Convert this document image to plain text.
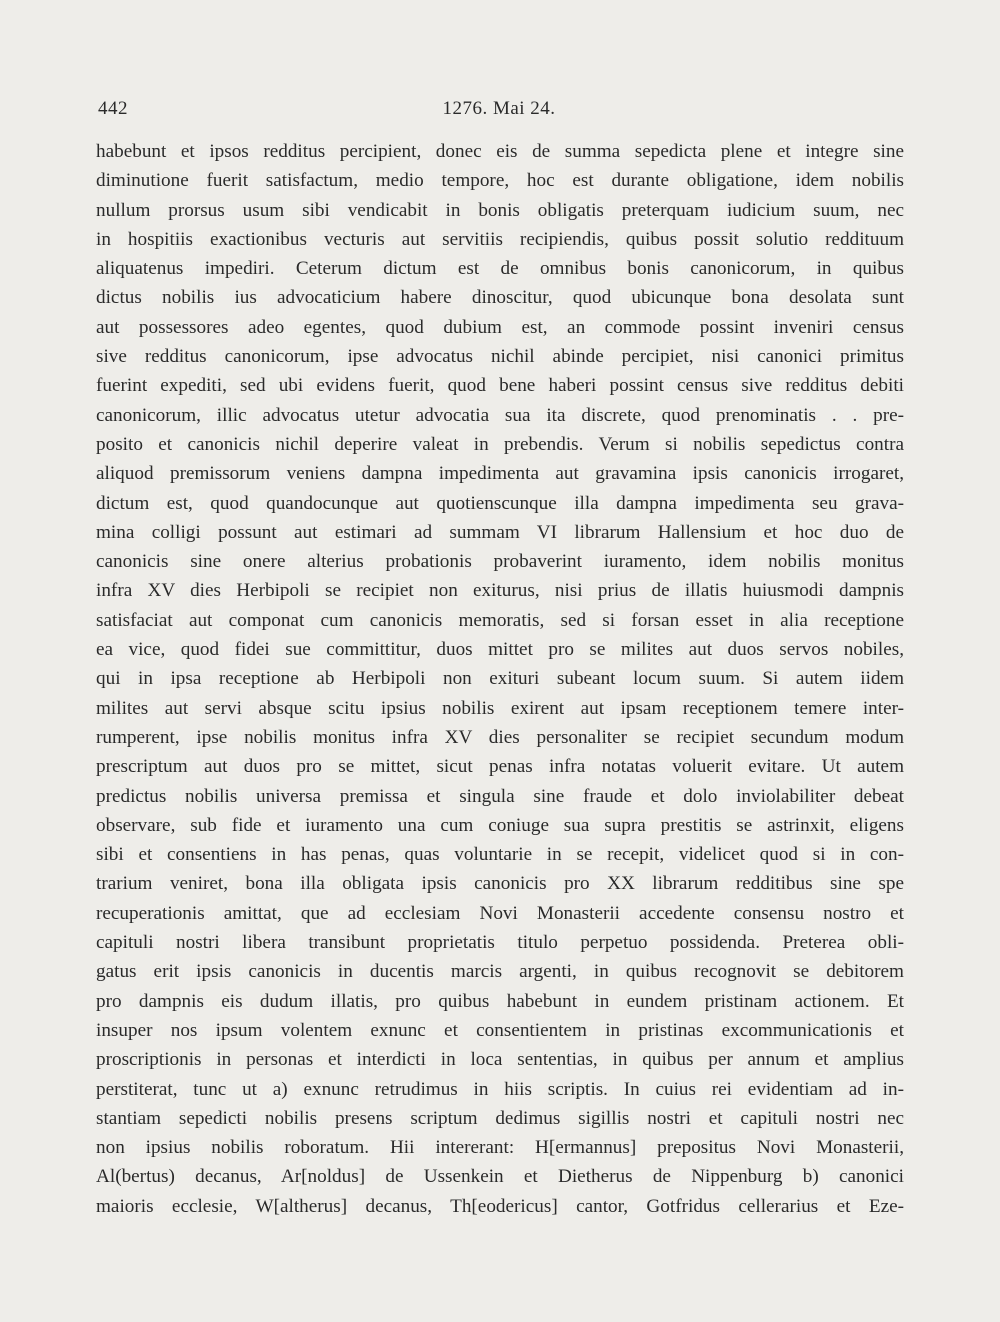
442	1276. Mai 24.
habebunt et ipsos redditus percipient, donec eis de summa sepedicta plene et integre sine
diminutione fuerit satisfactum, medio tempore, hoc est durante obligatione, idem nobilis
nullum prorsus usum sibi vendicabit in bonis obligatis preterquam iudicium suum, nec
in hospitiis exactionibus vecturis aut servitiis recipiendis, quibus possit solutio reddituum
aliquatenus impediri. Ceterum dictum est de omnibus bonis canonicorum, in quibus
dictus nobilis ius advocaticium habere dinoscitur, quod ubicunque bona desolata sunt
aut possessores adeo egentes, quod dubium est, an commode possint inveniri census
sive redditus canonicorum, ipse advocatus nichil abinde percipiet, nisi canonici primitus
fuerint expediti, sed ubi evidens fuerit, quod bene haberi possint census sive redditus debiti
canonicorum, illic advocatus utetur advocatia sua ita discrete, quod prenominatis . . pre-
posito et canonicis nichil deperire valeat in prebendis. Verum si nobilis sepedictus contra
aliquod premissorum veniens dampna impedimenta aut gravamina ipsis canonicis irrogaret,
dictum est, quod quandocunque aut quotienscunque illa dampna impedimenta seu grava-
mina colligi possunt aut estimari ad summam VI librarum Hallensium et hoc duo de
canonicis sine onere alterius probationis probaverint iuramento, idem nobilis monitus
infra XV dies Herbipoli se recipiet non exiturus, nisi prius de illatis huiusmodi dampnis
satisfaciat aut componat cum canonicis memoratis, sed si forsan esset in alia receptione
ea vice, quod fidei sue committitur, duos mittet pro se milites aut duos servos nobiles,
qui in ipsa receptione ab Herbipoli non exituri subeant locum suum. Si autem iidem
milites aut servi absque scitu ipsius nobilis exirent aut ipsam receptionem temere inter-
rumperent, ipse nobilis monitus infra XV dies personaliter se recipiet secundum modum
prescriptum aut duos pro se mittet, sicut penas infra notatas voluerit evitare. Ut autem
predictus nobilis universa premissa et singula sine fraude et dolo inviolabiliter debeat
observare, sub fide et iuramento una cum coniuge sua supra prestitis se astrinxit, eligens
sibi et consentiens in has penas, quas voluntarie in se recepit, videlicet quod si in con-
trarium veniret, bona illa obligata ipsis canonicis pro XX librarum redditibus sine spe
recuperationis amittat, que ad ecclesiam Novi Monasterii accedente consensu nostro et
capituli nostri libera transibunt proprietatis titulo perpetuo possidenda. Preterea obli-
gatus erit ipsis canonicis in ducentis marcis argenti, in quibus recognovit se debitorem
pro dampnis eis dudum illatis, pro quibus habebunt in eundem pristinam actionem. Et
insuper nos ipsum volentem exnunc et consentientem in pristinas excommunicationis et
proscriptionis in personas et interdicti in loca sententias, in quibus per annum et amplius
perstiterat, tunc ut a) exnunc retrudimus in hiis scriptis. In cuius rei evidentiam ad in-
stantiam sepedicti nobilis presens scriptum dedimus sigillis nostri et capituli nostri nec
non ipsius nobilis roboratum. Hii intererant: H[ermannus] prepositus Novi Monasterii,
Al(bertus) decanus, Ar[noldus] de Ussenkein et Dietherus de Nippenburg b) canonici
maioris ecclesie, W[altherus] decanus, Th[eodericus] cantor, Gotfridus cellerarius et Eze-
